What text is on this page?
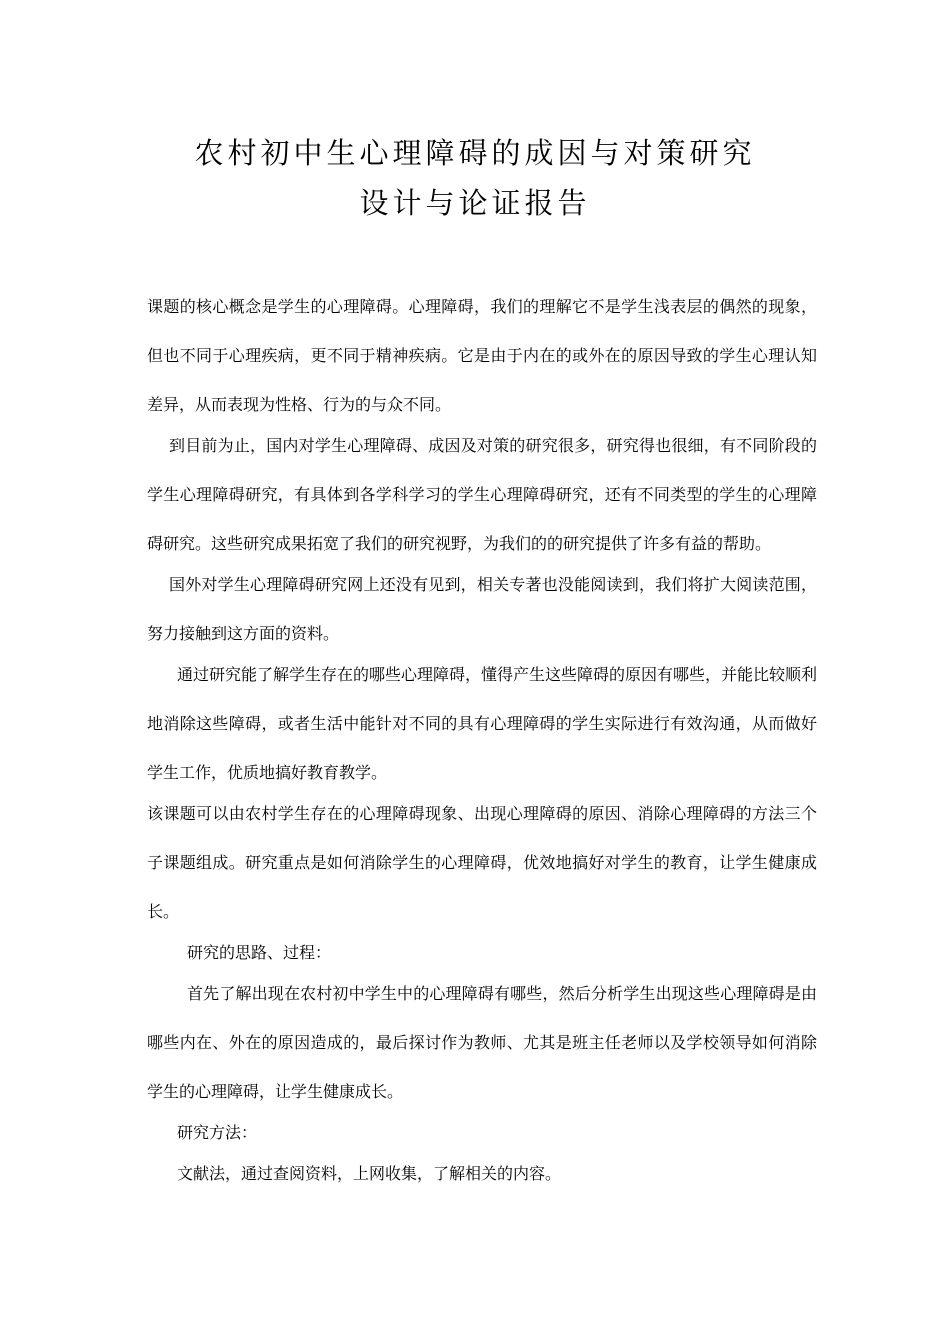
农村初中生心理障碍的成因与对策研究
设计与论证报告

课题的核心概念是学生的心理障碍。心理障碍，我们的理解它不是学生浅表层的偶然的现象，但也不同于心理疾病，更不同于精神疾病。它是由于内在的或外在的原因导致的学生心理认知差异，从而表现为性格、行为的与众不同。

到目前为止，国内对学生心理障碍、成因及对策的研究很多，研究得也很细，有不同阶段的学生心理障碍研究，有具体到各学科学习的学生心理障碍研究，还有不同类型的学生的心理障碍研究。这些研究成果拓宽了我们的研究视野，为我们的的研究提供了许多有益的帮助。

国外对学生心理障碍研究网上还没有见到，相关专著也没能阅读到，我们将扩大阅读范围，努力接触到这方面的资料。

通过研究能了解学生存在的哪些心理障碍，懂得产生这些障碍的原因有哪些，并能比较顺利地消除这些障碍，或者生活中能针对不同的具有心理障碍的学生实际进行有效沟通，从而做好学生工作，优质地搞好教育教学。

该课题可以由农村学生存在的心理障碍现象、出现心理障碍的原因、消除心理障碍的方法三个子课题组成。研究重点是如何消除学生的心理障碍，优效地搞好对学生的教育，让学生健康成长。

研究的思路、过程：

首先了解出现在农村初中学生中的心理障碍有哪些，然后分析学生出现这些心理障碍是由哪些内在、外在的原因造成的，最后探讨作为教师、尤其是班主任老师以及学校领导如何消除学生的心理障碍，让学生健康成长。

研究方法：

文献法，通过查阅资料，上网收集，了解相关的内容。
